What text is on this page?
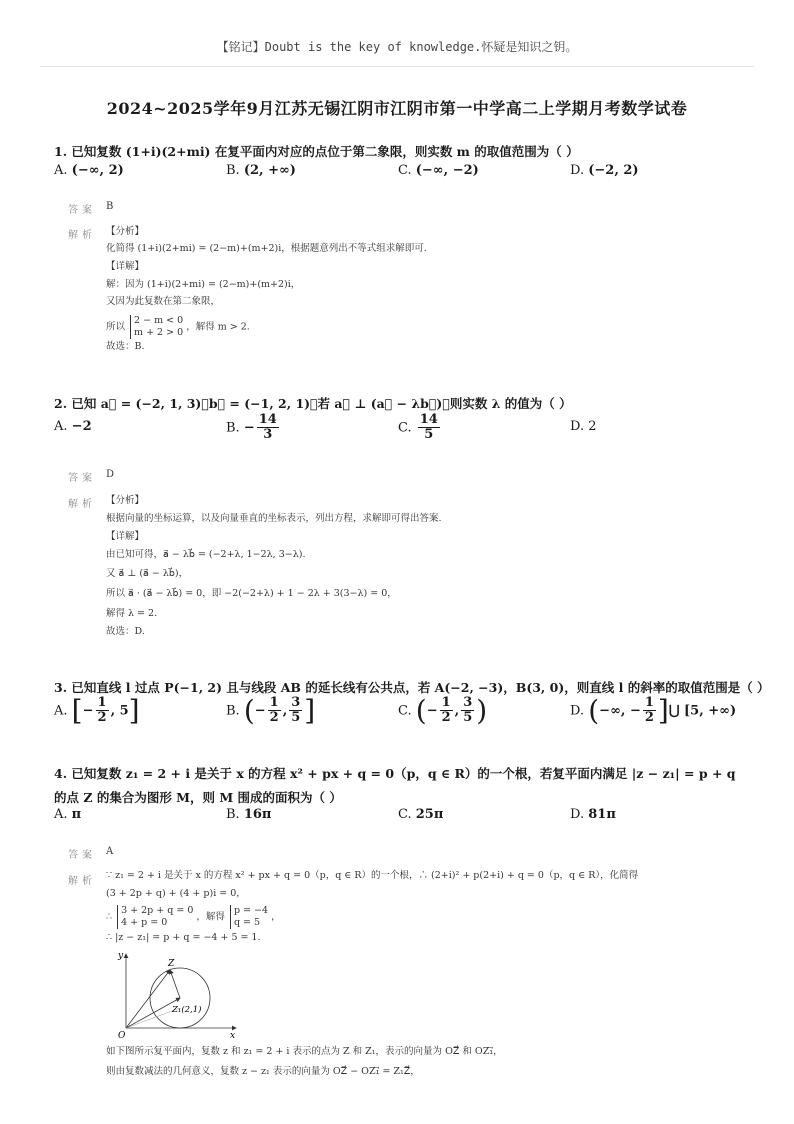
【铭记】Doubt is the key of knowledge.怀疑是知识之钥。
2024~2025学年9月江苏无锡江阴市江阴市第一中学高二上学期月考数学试卷
1. 已知复数 (1+i)(2+mi) 在复平面内对应的点位于第二象限，则实数 m 的取值范围为（ ）
A. (−∞, 2)	B. (2, +∞)	C. (−∞, −2)	D. (−2, 2)
答案 B
解析 【分析】
化简得 (1+i)(2+mi) = (2−m)+(m+2)i，根据题意列出不等式组求解即可.
【详解】
解：因为 (1+i)(2+mi) = (2−m)+(m+2)i，
又因为此复数在第二象限，
所以
2 − m < 0
m + 2 > 0 ，解得 m > 2.
故选：B.
2. 已知 a⃗ = (−2, 1, 3)，b⃗ = (−1, 2, 1)，若 a⃗ ⊥ (a⃗ − λb⃗)，则实数 λ 的值为（ ）
A. −2	B. − $\frac{14}{3}$	C. $\frac{14}{5}$	D. 2
答案 D
解析 【分析】
根据向量的坐标运算，以及向量垂直的坐标表示，列出方程，求解即可得出答案.
【详解】
由已知可得，a⃗ − λb⃗ = (−2+λ, 1−2λ, 3−λ).
又 a⃗ ⊥ (a⃗ − λb⃗)，
所以 a⃗ · (a⃗ − λb⃗) = 0，即 −2(−2+λ) + 1 − 2λ + 3(3−λ) = 0，
解得 λ = 2.
故选：D.
3. 已知直线 l 过点 P(−1, 2) 且与线段 AB 的延长线有公共点，若 A(−2, −3)，B(3, 0)，则直线 l 的斜率的取值范围是（ ）
A. [− $\frac{1}{2}$ , 5]	B. (− $\frac{1}{2}$ , $\frac{3}{5}$ ]	C. (− $\frac{1}{2}$ , $\frac{3}{5}$ )	D. (−∞, − $\frac{1}{2}$ ]⋃ [5, +∞)
4. 已知复数 z₁ = 2 + i 是关于 x 的方程 x² + px + q = 0（p，q ∈ R）的一个根，若复平面内满足 |z − z₁| = p + q 的点 Z 的集合为图形 M，则 M 围成的面积为（ ）
A. π	B. 16π	C. 25π	D. 81π
答案 A
解析
∵ z₁ = 2 + i 是关于 x 的方程 x² + px + q = 0（p，q ∈ R）的一个根，∴ (2+i)² + p(2+i) + q = 0（p，q ∈ R），化简得
(3 + 2p + q) + (4 + p)i = 0，
∴
3 + 2p + q = 0
4 + p = 0	，解得
p = −4
q = 5	，
∴ |z − z₁| = p + q = −4 + 5 = 1.
y
x
O
Z
Z₁(2,1)
如下图所示复平面内，复数 z 和 z₁ = 2 + i 表示的点为 Z 和 Z₁，表示的向量为 OZ⃗ 和 OZ₁⃗，
则由复数减法的几何意义，复数 z − z₁ 表示的向量为 OZ⃗ − OZ₁⃗ = Z₁Z⃗，
